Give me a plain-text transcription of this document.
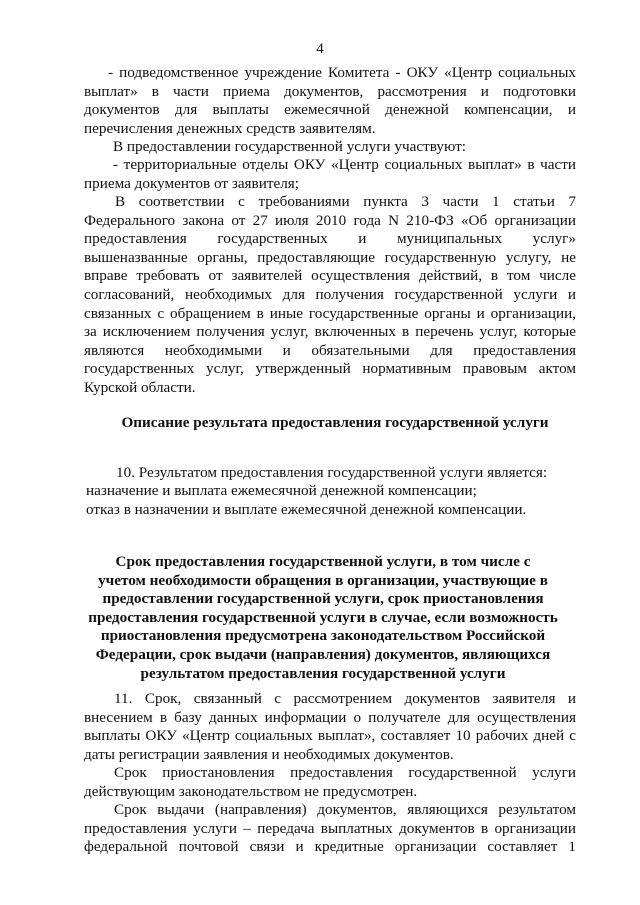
4
- подведомственное учреждение Комитета - ОКУ «Центр социальных
выплат» в части приема документов, рассмотрения и подготовки
документов для выплаты ежемесячной денежной компенсации, и
перечисления денежных средств заявителям.
В предоставлении государственной услуги участвуют:
- территориальные отделы ОКУ «Центр социальных выплат» в части
приема документов от заявителя;
В соответствии с требованиями пункта 3 части 1 статьи 7
Федерального закона от 27 июля 2010 года N 210-ФЗ «Об организации
предоставления государственных и муниципальных услуг»
вышеназванные органы, предоставляющие государственную услугу, не
вправе требовать от заявителей осуществления действий, в том числе
согласований, необходимых для получения государственной услуги и
связанных с обращением в иные государственные органы и организации,
за исключением получения услуг, включенных в перечень услуг, которые
являются необходимыми и обязательными для предоставления
государственных услуг, утвержденный нормативным правовым актом
Курской области.
Описание результата предоставления государственной услуги
10. Результатом предоставления государственной услуги является:
назначение и выплата ежемесячной денежной компенсации;
отказ в назначении и выплате ежемесячной денежной компенсации.
Срок предоставления государственной услуги, в том числе с
учетом необходимости обращения в организации, участвующие в
предоставлении государственной услуги, срок приостановления
предоставления государственной услуги в случае, если возможность
приостановления предусмотрена законодательством Российской
Федерации, срок выдачи (направления) документов, являющихся
результатом предоставления государственной услуги
11. Срок, связанный с рассмотрением документов заявителя и
внесением в базу данных информации о получателе для осуществления
выплаты ОКУ «Центр социальных выплат», составляет 10 рабочих дней с
даты регистрации заявления и необходимых документов.
Срок приостановления предоставления государственной услуги
действующим законодательством не предусмотрен.
Срок выдачи (направления) документов, являющихся результатом
предоставления услуги – передача выплатных документов в организации
федеральной почтовой связи и кредитные организации составляет 1
